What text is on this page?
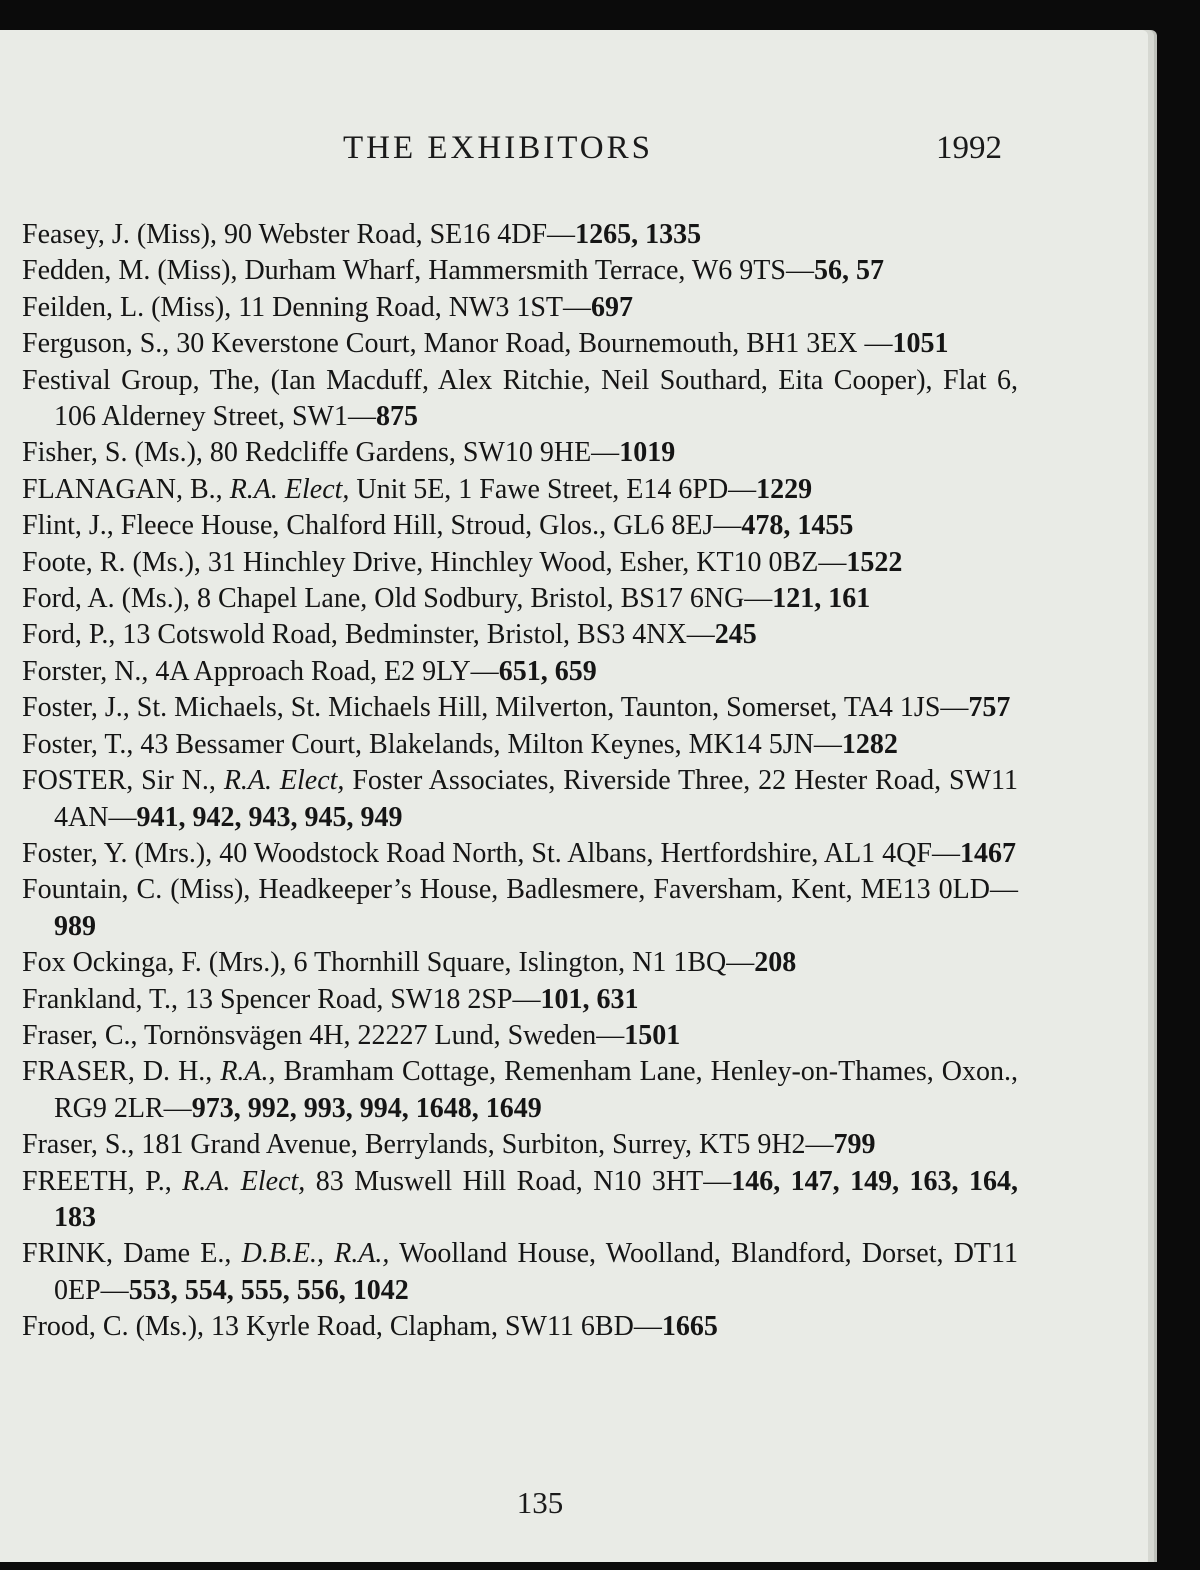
THE EXHIBITORS	1992
Feasey, J. (Miss), 90 Webster Road, SE16 4DF—1265, 1335
Fedden, M. (Miss), Durham Wharf, Hammersmith Terrace, W6 9TS—56, 57
Feilden, L. (Miss), 11 Denning Road, NW3 1ST—697
Ferguson, S., 30 Keverstone Court, Manor Road, Bournemouth, BH1 3EX —1051
Festival Group, The, (Ian Macduff, Alex Ritchie, Neil Southard, Eita Cooper), Flat 6, 106 Alderney Street, SW1—875
Fisher, S. (Ms.), 80 Redcliffe Gardens, SW10 9HE—1019
FLANAGAN, B., R.A. Elect, Unit 5E, 1 Fawe Street, E14 6PD—1229
Flint, J., Fleece House, Chalford Hill, Stroud, Glos., GL6 8EJ—478, 1455
Foote, R. (Ms.), 31 Hinchley Drive, Hinchley Wood, Esher, KT10 0BZ—1522
Ford, A. (Ms.), 8 Chapel Lane, Old Sodbury, Bristol, BS17 6NG—121, 161
Ford, P., 13 Cotswold Road, Bedminster, Bristol, BS3 4NX—245
Forster, N., 4A Approach Road, E2 9LY—651, 659
Foster, J., St. Michaels, St. Michaels Hill, Milverton, Taunton, Somerset, TA4 1JS—757
Foster, T., 43 Bessamer Court, Blakelands, Milton Keynes, MK14 5JN—1282
FOSTER, Sir N., R.A. Elect, Foster Associates, Riverside Three, 22 Hester Road, SW11 4AN—941, 942, 943, 945, 949
Foster, Y. (Mrs.), 40 Woodstock Road North, St. Albans, Hertfordshire, AL1 4QF—1467
Fountain, C. (Miss), Headkeeper’s House, Badlesmere, Faversham, Kent, ME13 0LD—989
Fox Ockinga, F. (Mrs.), 6 Thornhill Square, Islington, N1 1BQ—208
Frankland, T., 13 Spencer Road, SW18 2SP—101, 631
Fraser, C., Tornönsvägen 4H, 22227 Lund, Sweden—1501
FRASER, D. H., R.A., Bramham Cottage, Remenham Lane, Henley-on-Thames, Oxon., RG9 2LR—973, 992, 993, 994, 1648, 1649
Fraser, S., 181 Grand Avenue, Berrylands, Surbiton, Surrey, KT5 9H2—799
FREETH, P., R.A. Elect, 83 Muswell Hill Road, N10 3HT—146, 147, 149, 163, 164, 183
FRINK, Dame E., D.B.E., R.A., Woolland House, Woolland, Blandford, Dorset, DT11 0EP—553, 554, 555, 556, 1042
Frood, C. (Ms.), 13 Kyrle Road, Clapham, SW11 6BD—1665
135
